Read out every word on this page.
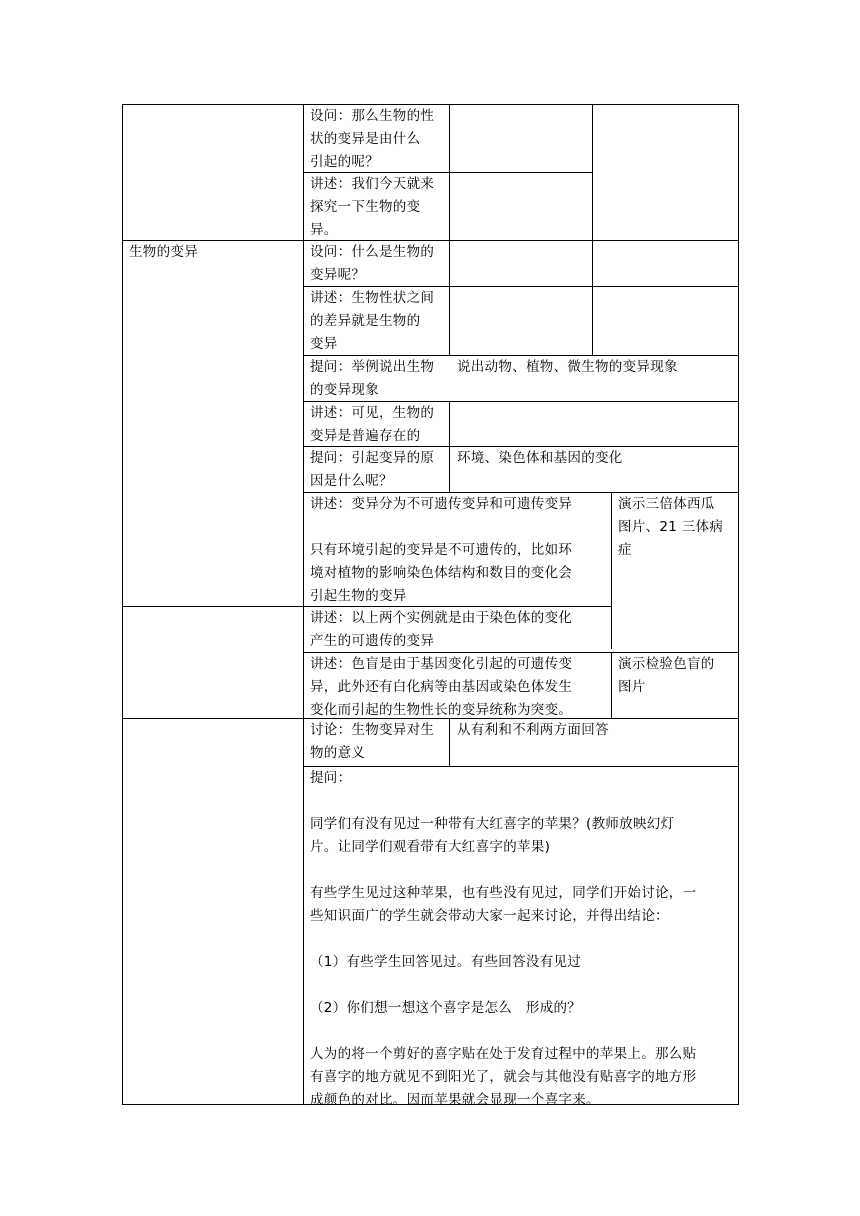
设问：那么生物的性
状的变异是由什么
引起的呢？
讲述：我们今天就来
探究一下生物的变
异。
生物的变异	设问：什么是生物的
变异呢？
讲述：生物性状之间
的差异就是生物的
变异
提问：举例说出生物
的变异现象
说出动物、植物、微生物的变异现象
讲述：可见，生物的
变异是普遍存在的
提问：引起变异的原
因是什么呢？
环境、染色体和基因的变化
讲述：变异分为不可遗传变异和可遗传变异

只有环境引起的变异是不可遗传的，比如环
境对植物的影响染色体结构和数目的变化会
引起生物的变异
演示三倍体西瓜
图片、21 三体病
症
讲述：以上两个实例就是由于染色体的变化
产生的可遗传的变异
讲述：色盲是由于基因变化引起的可遗传变
异，此外还有白化病等由基因或染色体发生
变化而引起的生物性长的变异统称为突变。
演示检验色盲的
图片
讨论：生物变异对生
物的意义
从有利和不利两方面回答
提问：

同学们有没有见过一种带有大红喜字的苹果？(教师放映幻灯
片。让同学们观看带有大红喜字的苹果)

有些学生见过这种苹果，也有些没有见过，同学们开始讨论，一
些知识面广的学生就会带动大家一起来讨论，并得出结论：

（1）有些学生回答见过。有些回答没有见过

（2）你们想一想这个喜字是怎么　形成的？

人为的将一个剪好的喜字贴在处于发育过程中的苹果上。那么贴
有喜字的地方就见不到阳光了，就会与其他没有贴喜字的地方形
成颜色的对比。因而苹果就会显现一个喜字来。
